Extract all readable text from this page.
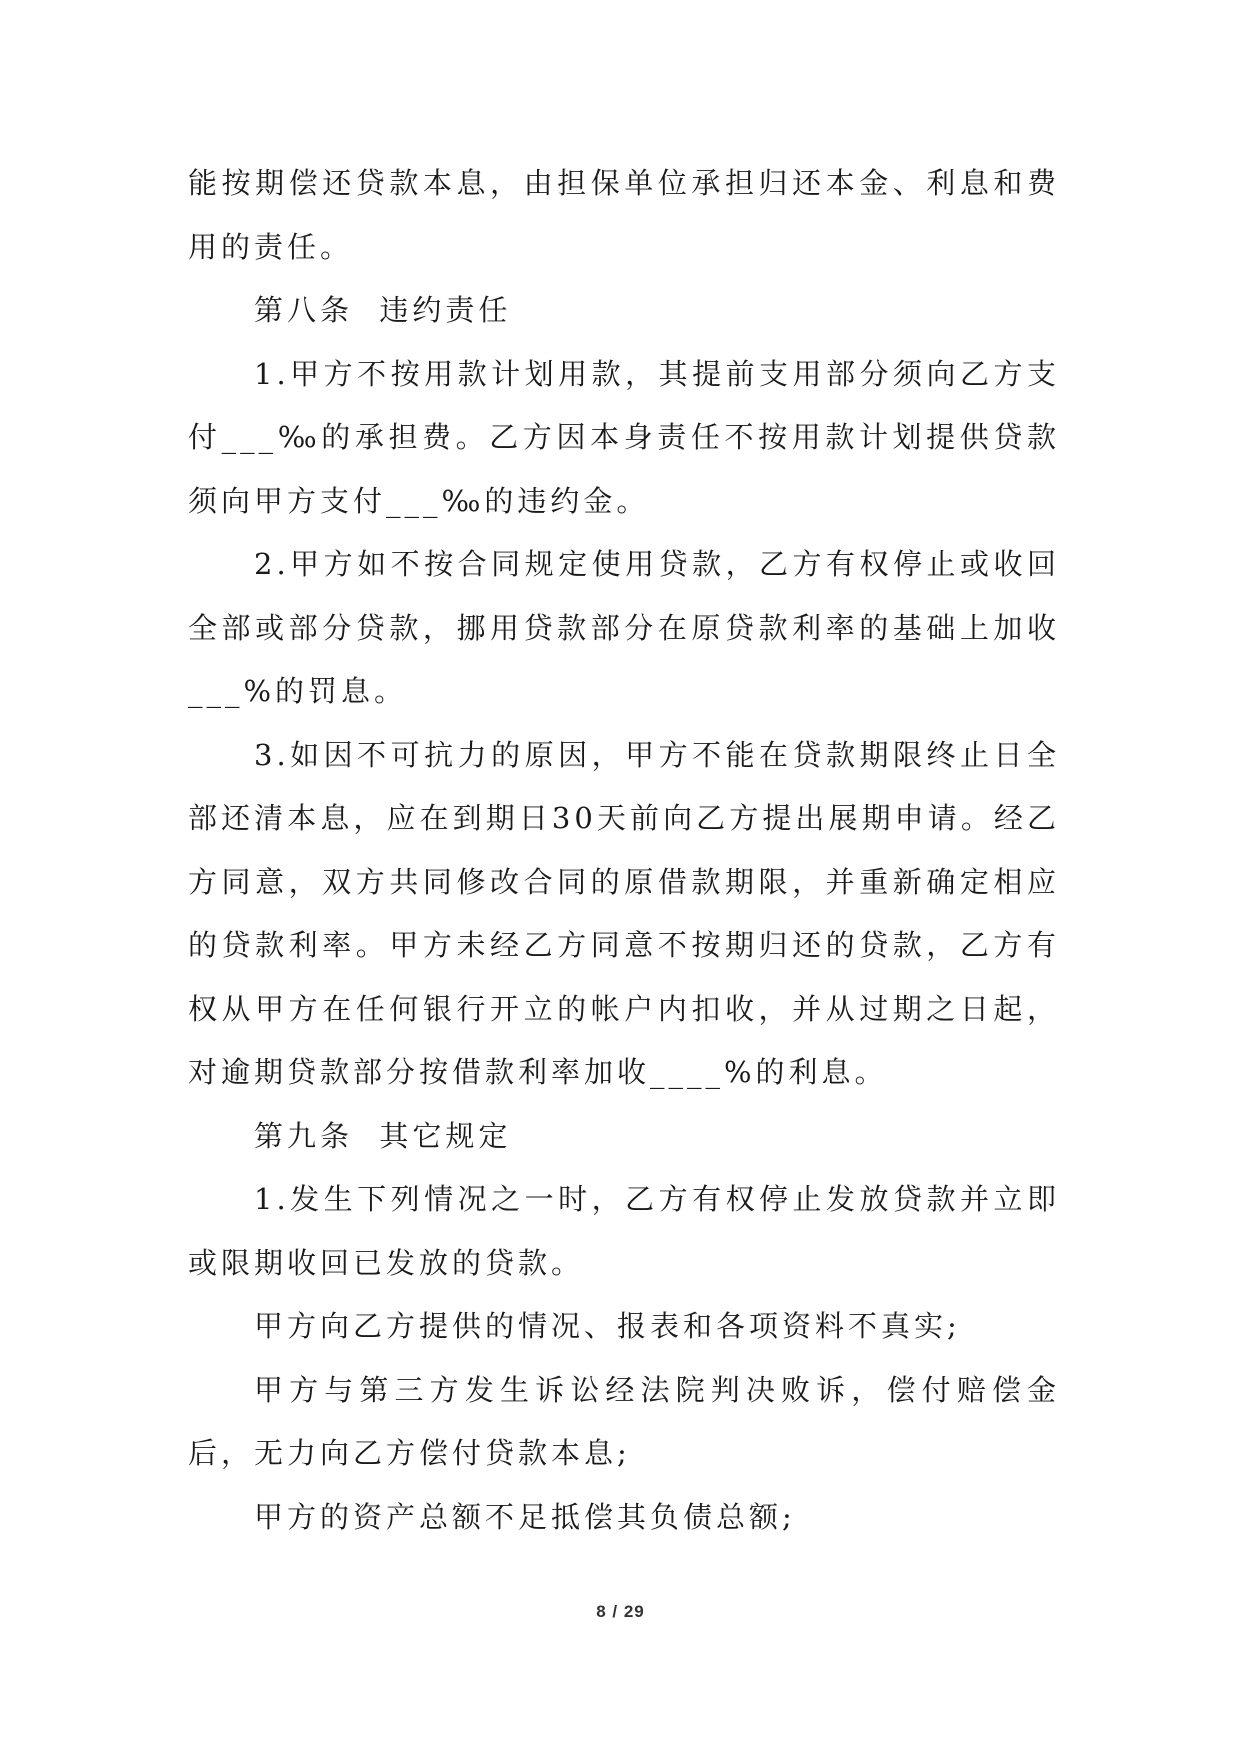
能按期偿还贷款本息，由担保单位承担归还本金、利息和费用的责任。

第八条  违约责任

1.甲方不按用款计划用款，其提前支用部分须向乙方支付___‰的承担费。乙方因本身责任不按用款计划提供贷款须向甲方支付___‰的违约金。

2.甲方如不按合同规定使用贷款，乙方有权停止或收回全部或部分贷款，挪用贷款部分在原贷款利率的基础上加收___%的罚息。

3.如因不可抗力的原因，甲方不能在贷款期限终止日全部还清本息，应在到期日30天前向乙方提出展期申请。经乙方同意，双方共同修改合同的原借款期限，并重新确定相应的贷款利率。甲方未经乙方同意不按期归还的贷款，乙方有权从甲方在任何银行开立的帐户内扣收，并从过期之日起，对逾期贷款部分按借款利率加收____%的利息。

第九条  其它规定

1.发生下列情况之一时，乙方有权停止发放贷款并立即或限期收回已发放的贷款。

甲方向乙方提供的情况、报表和各项资料不真实;

甲方与第三方发生诉讼经法院判决败诉，偿付赔偿金后，无力向乙方偿付贷款本息;

甲方的资产总额不足抵偿其负债总额;

8 / 29
